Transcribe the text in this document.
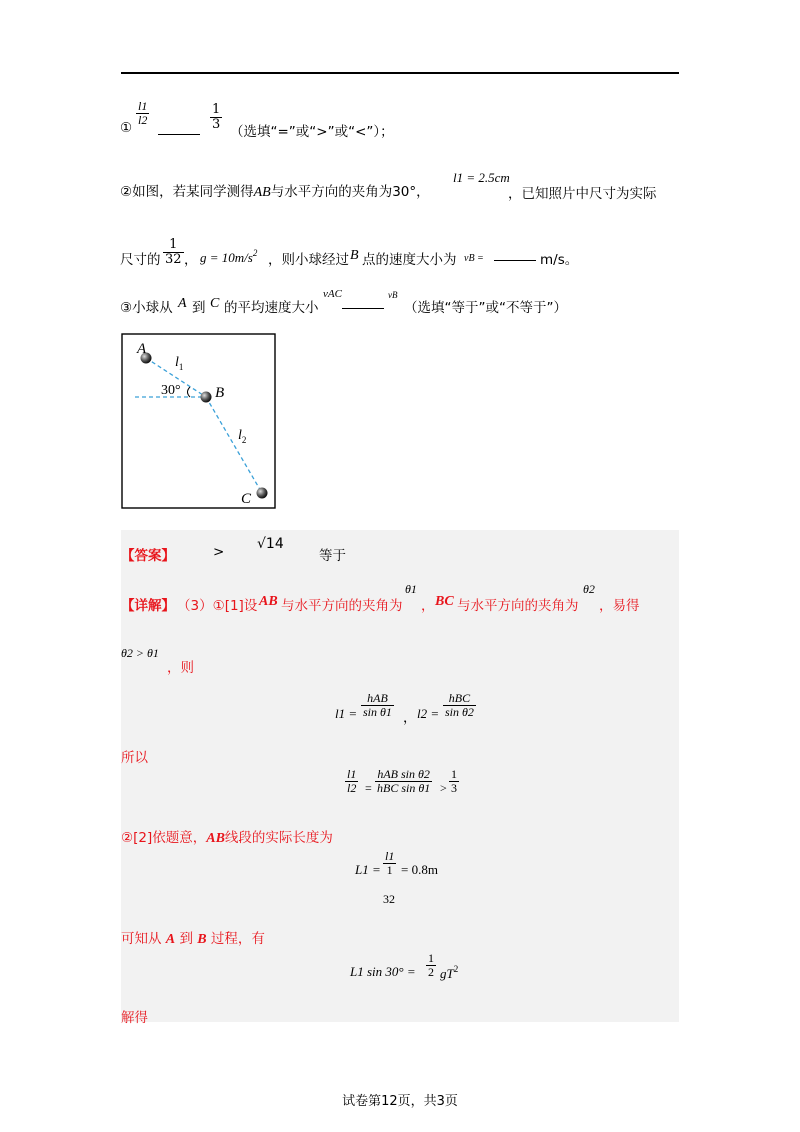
①
$\frac{l1}{l2}$	$\frac{1}{3}$ （选填“=”或“>”或“<”）；
②如图，若某同学测得AB与水平方向的夹角为30°，
l1 = 2.5cm
，已知照片中尺寸为实际
尺寸的 $\frac{1}{32}$ ， $g = 10m/s^2$ ，则小球经过 B 点的速度大小为 vB =	m/s。
③小球从 A 到 C 的平均速度大小
vAC	vB
（选填“等于”或“不等于”）
A
B
C
$l_1$
$l_2$
30°
【答案】	> √14
等于
【详解】 （3）①[1]设 AB 与水平方向的夹角为
θ1
， BC 与水平方向的夹角为
θ2
，易得
θ2 > θ1
，则
l1 =
hAB
sin θ1 ， l2 =
hBC
sin θ2
所以
$\frac{l1}{l2}$ =
hAB sin θ2
hBC $\sin \theta 1 > \frac{1}{3}$
②[2]依题意，AB线段的实际长度为
$L1 = \frac{l1}{1} = 0.8m$
32
可知从 A 到 B 过程，有
L1 $\sin 30^\circ = \frac{1}{2} gT^2$
解得
试卷第12页，共3页
